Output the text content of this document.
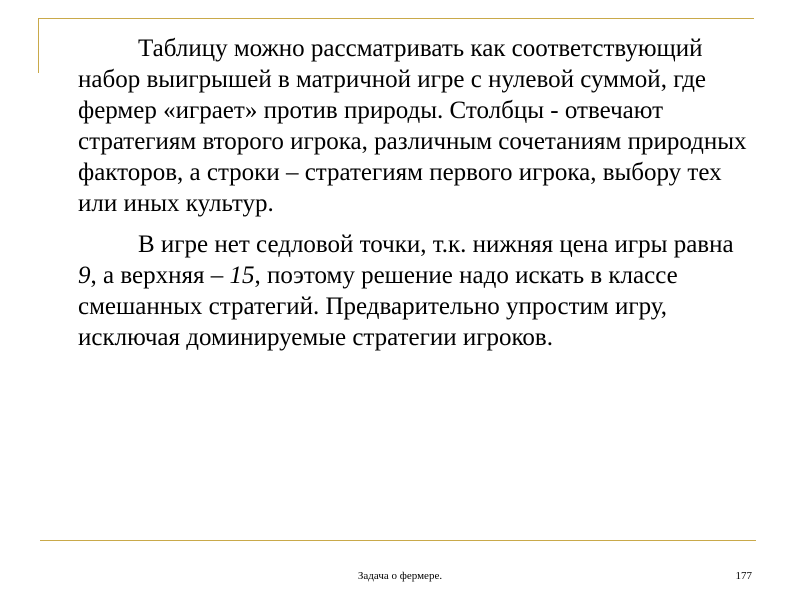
Таблицу можно рассматривать как соответствующий набор выигрышей в матричной игре с нулевой суммой, где фермер «играет» против природы. Столбцы - отвечают стратегиям второго игрока, различным сочетаниям природных факторов, а строки – стратегиям первого игрока, выбору тех или иных культур.

В игре нет седловой точки, т.к. нижняя цена игры равна 9, а верхняя – 15, поэтому решение надо искать в классе смешанных стратегий. Предварительно упростим игру, исключая доминируемые стратегии игроков.

Задача о фермере.	177
